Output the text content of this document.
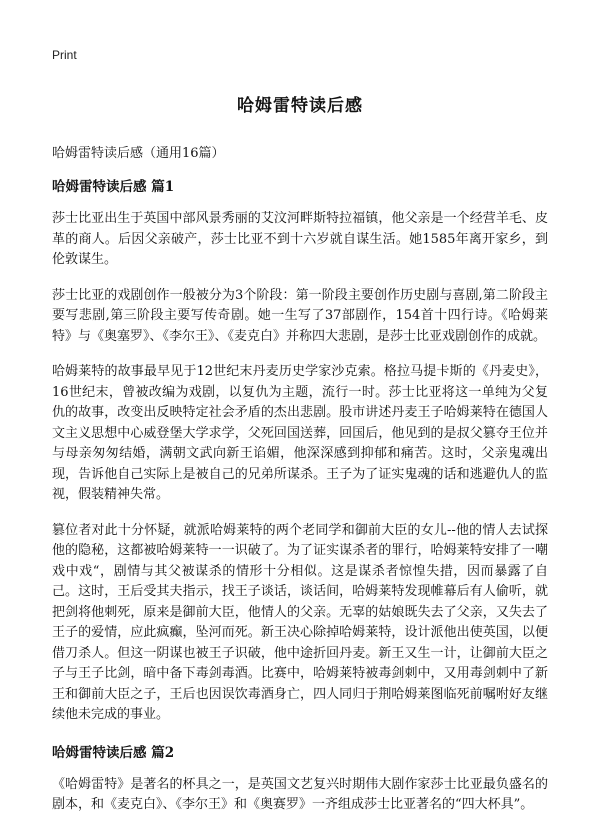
Print
哈姆雷特读后感

哈姆雷特读后感（通用16篇）

哈姆雷特读后感 篇1

莎士比亚出生于英国中部风景秀丽的艾汶河畔斯特拉福镇，他父亲是一个经营羊毛、皮革的商人。后因父亲破产，莎士比亚不到十六岁就自谋生活。她1585年离开家乡，到伦敦谋生。

莎士比亚的戏剧创作一般被分为3个阶段：第一阶段主要创作历史剧与喜剧,第二阶段主要写悲剧,第三阶段主要写传奇剧。她一生写了37部剧作，154首十四行诗。《哈姆莱特》与《奥塞罗》、《李尔王》、《麦克白》并称四大悲剧，是莎士比亚戏剧创作的成就。

哈姆莱特的故事最早见于12世纪末丹麦历史学家沙克索。格拉马提卡斯的《丹麦史》，16世纪末，曾被改编为戏剧，以复仇为主题，流行一时。莎士比亚将这一单纯为父复仇的故事，改变出反映特定社会矛盾的杰出悲剧。股市讲述丹麦王子哈姆莱特在德国人文主义思想中心威登堡大学求学，父死回国送葬，回国后，他见到的是叔父篡夺王位并与母亲匆匆结婚，满朝文武向新王谄媚，他深深感到抑郁和痛苦。这时，父亲鬼魂出现，告诉他自己实际上是被自己的兄弟所谋杀。王子为了证实鬼魂的话和逃避仇人的监视，假装精神失常。

篡位者对此十分怀疑，就派哈姆莱特的两个老同学和御前大臣的女儿--他的情人去试探他的隐秘，这都被哈姆莱特一一识破了。为了证实谋杀者的罪行，哈姆莱特安排了一嘲戏中戏“，剧情与其父被谋杀的情形十分相似。这是谋杀者惊惶失措，因而暴露了自己。这时，王后受其夫指示，找王子谈话，谈话间，哈姆莱特发现帷幕后有人偷听，就把剑将他刺死，原来是御前大臣，他情人的父亲。无辜的姑娘既失去了父亲，又失去了王子的爱情，应此疯癫，坠河而死。新王决心除掉哈姆莱特，设计派他出使英国，以便借刀杀人。但这一阴谋也被王子识破，他中途折回丹麦。新王又生一计，让御前大臣之子与王子比剑，暗中备下毒剑毒酒。比赛中，哈姆莱特被毒剑刺中，又用毒剑刺中了新王和御前大臣之子，王后也因误饮毒酒身亡，四人同归于荆哈姆莱图临死前嘱咐好友继续他未完成的事业。

哈姆雷特读后感 篇2

《哈姆雷特》是著名的杯具之一，是英国文艺复兴时期伟大剧作家莎士比亚最负盛名的剧本，和《麦克白》、《李尔王》和《奥赛罗》一齐组成莎士比亚著名的“四大杯具”。
